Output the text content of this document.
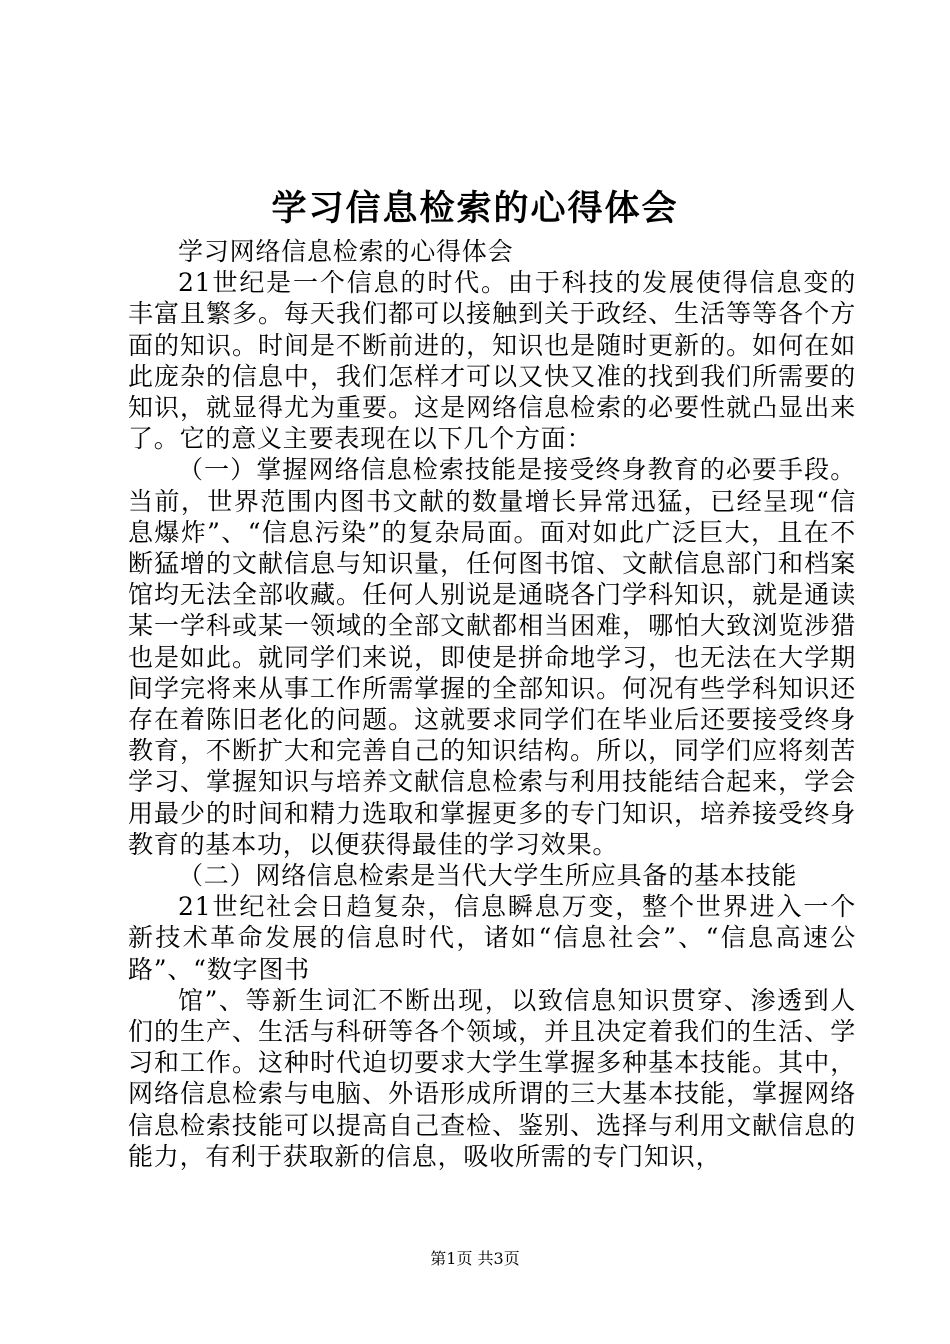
学习信息检索的心得体会

学习网络信息检索的心得体会

21世纪是一个信息的时代。由于科技的发展使得信息变的丰富且繁多。每天我们都可以接触到关于政经、生活等等各个方面的知识。时间是不断前进的，知识也是随时更新的。如何在如此庞杂的信息中，我们怎样才可以又快又准的找到我们所需要的知识，就显得尤为重要。这是网络信息检索的必要性就凸显出来了。它的意义主要表现在以下几个方面：

（一）掌握网络信息检索技能是接受终身教育的必要手段。当前，世界范围内图书文献的数量增长异常迅猛，已经呈现“信息爆炸”、“信息污染”的复杂局面。面对如此广泛巨大，且在不断猛增的文献信息与知识量，任何图书馆、文献信息部门和档案馆均无法全部收藏。任何人别说是通晓各门学科知识，就是通读某一学科或某一领域的全部文献都相当困难，哪怕大致浏览涉猎也是如此。就同学们来说，即使是拼命地学习，也无法在大学期间学完将来从事工作所需掌握的全部知识。何况有些学科知识还存在着陈旧老化的问题。这就要求同学们在毕业后还要接受终身教育，不断扩大和完善自己的知识结构。所以，同学们应将刻苦学习、掌握知识与培养文献信息检索与利用技能结合起来，学会用最少的时间和精力选取和掌握更多的专门知识，培养接受终身教育的基本功，以便获得最佳的学习效果。

（二）网络信息检索是当代大学生所应具备的基本技能

21世纪社会日趋复杂，信息瞬息万变，整个世界进入一个新技术革命发展的信息时代，诸如“信息社会”、“信息高速公路”、“数字图书

馆”、等新生词汇不断出现，以致信息知识贯穿、渗透到人们的生产、生活与科研等各个领域，并且决定着我们的生活、学习和工作。这种时代迫切要求大学生掌握多种基本技能。其中，网络信息检索与电脑、外语形成所谓的三大基本技能，掌握网络信息检索技能可以提高自己查检、鉴别、选择与利用文献信息的能力，有利于获取新的信息，吸收所需的专门知识，

第1页 共3页
